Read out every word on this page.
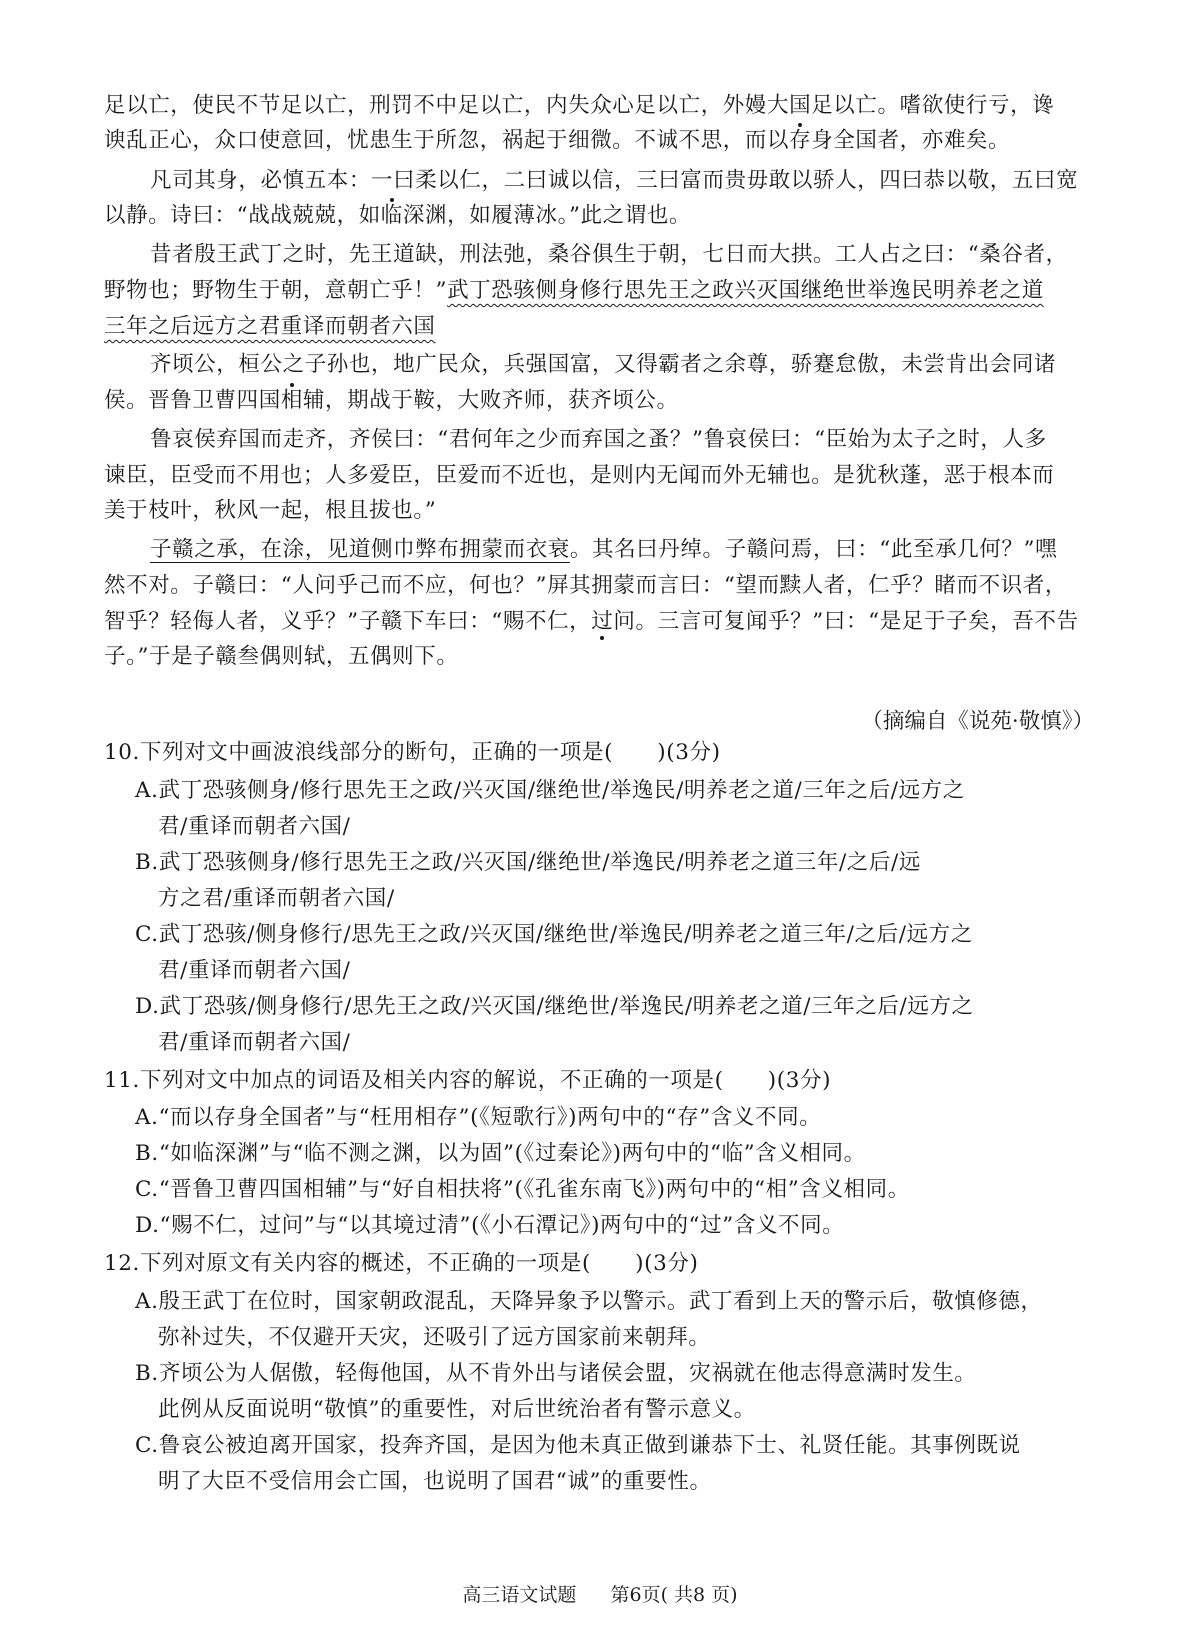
足以亡，使民不节足以亡，刑罚不中足以亡，内失众心足以亡，外嫚大国足以亡。嗜欲使行亏，谗
谀乱正心，众口使意回，忧患生于所忽，祸起于细微。不诚不思，而以存身全国者，亦难矣。
凡司其身，必慎五本：一曰柔以仁，二曰诚以信，三曰富而贵毋敢以骄人，四曰恭以敬，五曰宽
以静。诗曰：“战战兢兢，如临深渊，如履薄冰。”此之谓也。
昔者殷王武丁之时，先王道缺，刑法弛，桑谷俱生于朝，七日而大拱。工人占之曰：“桑谷者，
野物也；野物生于朝，意朝亡乎！”武丁恐骇侧身修行思先王之政兴灭国继绝世举逸民明养老之道
三年之后远方之君重译而朝者六国
齐顷公，桓公之子孙也，地广民众，兵强国富，又得霸者之余尊，骄蹇怠傲，未尝肯出会同诸
侯。晋鲁卫曹四国相辅，期战于鞍，大败齐师，获齐顷公。
鲁哀侯弃国而走齐，齐侯曰：“君何年之少而弃国之蚤？”鲁哀侯曰：“臣始为太子之时，人多
谏臣，臣受而不用也；人多爱臣，臣爱而不近也，是则内无闻而外无辅也。是犹秋蓬，恶于根本而
美于枝叶，秋风一起，根且拔也。”
子赣之承，在涂，见道侧巾弊布拥蒙而衣衰。其名曰丹绰。子赣问焉，曰：“此至承几何？”嘿
然不对。子赣曰：“人问乎己而不应，何也？”屏其拥蒙而言曰：“望而黩人者，仁乎？睹而不识者，
智乎？轻侮人者，义乎？”子赣下车曰：“赐不仁，过问。三言可复闻乎？”曰：“是足于子矣，吾不告
子。”于是子赣叁偶则轼，五偶则下。
（摘编自《说苑·敬慎》）
10.下列对文中画波浪线部分的断句，正确的一项是(　　)(3分)
A.武丁恐骇侧身/修行思先王之政/兴灭国/继绝世/举逸民/明养老之道/三年之后/远方之
君/重译而朝者六国/
B.武丁恐骇侧身/修行思先王之政/兴灭国/继绝世/举逸民/明养老之道三年/之后/远
方之君/重译而朝者六国/
C.武丁恐骇/侧身修行/思先王之政/兴灭国/继绝世/举逸民/明养老之道三年/之后/远方之
君/重译而朝者六国/
D.武丁恐骇/侧身修行/思先王之政/兴灭国/继绝世/举逸民/明养老之道/三年之后/远方之
君/重译而朝者六国/
11.下列对文中加点的词语及相关内容的解说，不正确的一项是(　　)(3分)
A.“而以存身全国者”与“枉用相存”(《短歌行》)两句中的“存”含义不同。
B.“如临深渊”与“临不测之渊，以为固”(《过秦论》)两句中的“临”含义相同。
C.“晋鲁卫曹四国相辅”与“好自相扶将”(《孔雀东南飞》)两句中的“相”含义相同。
D.“赐不仁，过问”与“以其境过清”(《小石潭记》)两句中的“过”含义不同。
12.下列对原文有关内容的概述，不正确的一项是(　　)(3分)
A.殷王武丁在位时，国家朝政混乱，天降异象予以警示。武丁看到上天的警示后，敬慎修德，
弥补过失，不仅避开天灾，还吸引了远方国家前来朝拜。
B.齐顷公为人倨傲，轻侮他国，从不肯外出与诸侯会盟，灾祸就在他志得意满时发生。
此例从反面说明“敬慎”的重要性，对后世统治者有警示意义。
C.鲁哀公被迫离开国家，投奔齐国，是因为他未真正做到谦恭下士、礼贤任能。其事例既说
明了大臣不受信用会亡国，也说明了国君“诚”的重要性。
高三语文试题 第6页( 共8 页)
